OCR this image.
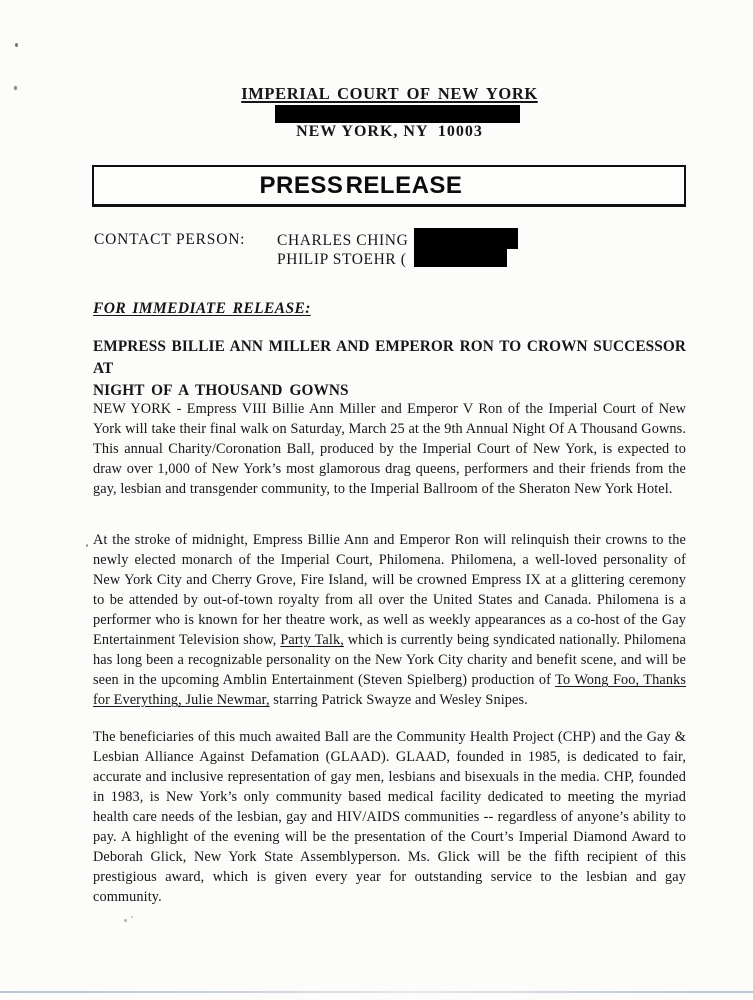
IMPERIAL COURT OF NEW YORK
NEW YORK, NY  10003
PRESS RELEASE
CONTACT PERSON: CHARLES CHING
PHILIP STOEHR (
FOR IMMEDIATE RELEASE:
EMPRESS BILLIE ANN MILLER AND EMPEROR RON TO CROWN SUCCESSOR AT
NIGHT OF A THOUSAND GOWNS

NEW YORK - Empress VIII Billie Ann Miller and Emperor V Ron of the Imperial Court of New York will take their final walk on Saturday, March 25 at the 9th Annual Night Of A Thousand Gowns. This annual Charity/Coronation Ball, produced by the Imperial Court of New York, is expected to draw over 1,000 of New York’s most glamorous drag queens, performers and their friends from the gay, lesbian and transgender community, to the Imperial Ballroom of the Sheraton New York Hotel.

At the stroke of midnight, Empress Billie Ann and Emperor Ron will relinquish their crowns to the newly elected monarch of the Imperial Court, Philomena. Philomena, a well-loved personality of New York City and Cherry Grove, Fire Island, will be crowned Empress IX at a glittering ceremony to be attended by out-of-town royalty from all over the United States and Canada. Philomena is a performer who is known for her theatre work, as well as weekly appearances as a co-host of the Gay Entertainment Television show, Party Talk, which is currently being syndicated nationally. Philomena has long been a recognizable personality on the New York City charity and benefit scene, and will be seen in the upcoming Amblin Entertainment (Steven Spielberg) production of To Wong Foo, Thanks for Everything, Julie Newmar, starring Patrick Swayze and Wesley Snipes.

The beneficiaries of this much awaited Ball are the Community Health Project (CHP) and the Gay & Lesbian Alliance Against Defamation (GLAAD). GLAAD, founded in 1985, is dedicated to fair, accurate and inclusive representation of gay men, lesbians and bisexuals in the media. CHP, founded in 1983, is New York’s only community based medical facility dedicated to meeting the myriad health care needs of the lesbian, gay and HIV/AIDS communities -- regardless of anyone’s ability to pay. A highlight of the evening will be the presentation of the Court’s Imperial Diamond Award to Deborah Glick, New York State Assemblyperson. Ms. Glick will be the fifth recipient of this prestigious award, which is given every year for outstanding service to the lesbian and gay community.
